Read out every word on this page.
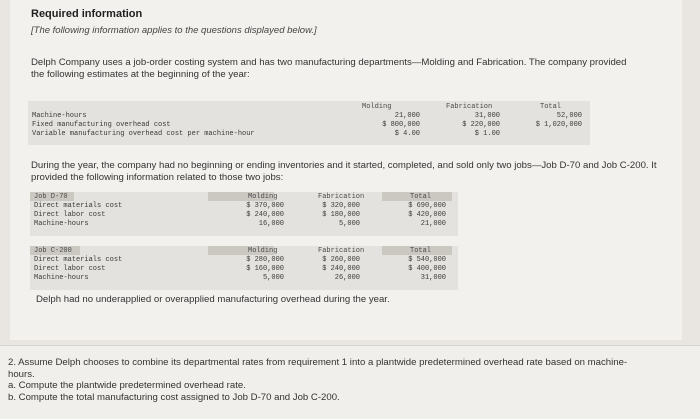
Required information
[The following information applies to the questions displayed below.]
Delph Company uses a job-order costing system and has two manufacturing departments—Molding and Fabrication. The company provided the following estimates at the beginning of the year:
Molding	Fabrication	Total
Machine-hours	21,000	31,000	52,000
Fixed manufacturing overhead cost	$ 800,000	$ 220,000	$ 1,020,000
Variable manufacturing overhead cost per machine-hour	$ 4.00	$ 1.00
During the year, the company had no beginning or ending inventories and it started, completed, and sold only two jobs—Job D-70 and Job C-200. It provided the following information related to those two jobs:
Job D-70	Molding	Fabrication	Total
Direct materials cost	$ 370,000	$ 320,000	$ 690,000
Direct labor cost	$ 240,000	$ 180,000	$ 420,000
Machine-hours	16,000	5,000	21,000
Job C-200	Molding	Fabrication	Total
Direct materials cost	$ 280,000	$ 260,000	$ 540,000
Direct labor cost	$ 160,000	$ 240,000	$ 400,000
Machine-hours	5,000	26,000	31,000
Delph had no underapplied or overapplied manufacturing overhead during the year.
2. Assume Delph chooses to combine its departmental rates from requirement 1 into a plantwide predetermined overhead rate based on machine-hours.
a. Compute the plantwide predetermined overhead rate.
b. Compute the total manufacturing cost assigned to Job D-70 and Job C-200.
